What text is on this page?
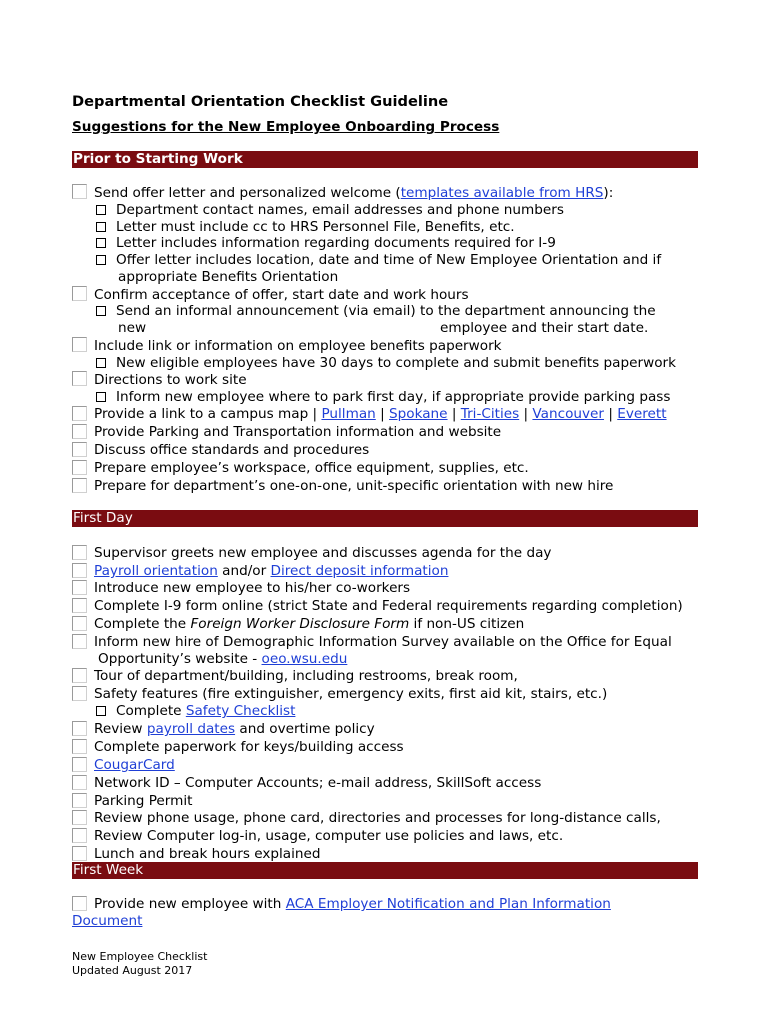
Departmental Orientation Checklist Guideline
Suggestions for the New Employee Onboarding Process
Prior to Starting Work
Send offer letter and personalized welcome (templates available from HRS):
Department contact names, email addresses and phone numbers
Letter must include cc to HRS Personnel File, Benefits, etc.
Letter includes information regarding documents required for I-9
Offer letter includes location, date and time of New Employee Orientation and if
appropriate Benefits Orientation
Confirm acceptance of offer, start date and work hours
Send an informal announcement (via email) to the department announcing the
new	employee and their start date.
Include link or information on employee benefits paperwork
New eligible employees have 30 days to complete and submit benefits paperwork
Directions to work site
Inform new employee where to park first day, if appropriate provide parking pass
Provide a link to a campus map | Pullman | Spokane | Tri-Cities | Vancouver | Everett
Provide Parking and Transportation information and website
Discuss office standards and procedures
Prepare employee’s workspace, office equipment, supplies, etc.
Prepare for department’s one-on-one, unit-specific orientation with new hire
First Day
Supervisor greets new employee and discusses agenda for the day
Payroll orientation and/or Direct deposit information
Introduce new employee to his/her co-workers
Complete I-9 form online (strict State and Federal requirements regarding completion)
Complete the Foreign Worker Disclosure Form if non-US citizen
Inform new hire of Demographic Information Survey available on the Office for Equal
Opportunity’s website - oeo.wsu.edu
Tour of department/building, including restrooms, break room,
Safety features (fire extinguisher, emergency exits, first aid kit, stairs, etc.)
Complete Safety Checklist
Review payroll dates and overtime policy
Complete paperwork for keys/building access
CougarCard
Network ID – Computer Accounts; e-mail address, SkillSoft access
Parking Permit
Review phone usage, phone card, directories and processes for long-distance calls,
Review Computer log-in, usage, computer use policies and laws, etc.
Lunch and break hours explained
First Week
Provide new employee with ACA Employer Notification and Plan Information
Document
New Employee Checklist
Updated August 2017
